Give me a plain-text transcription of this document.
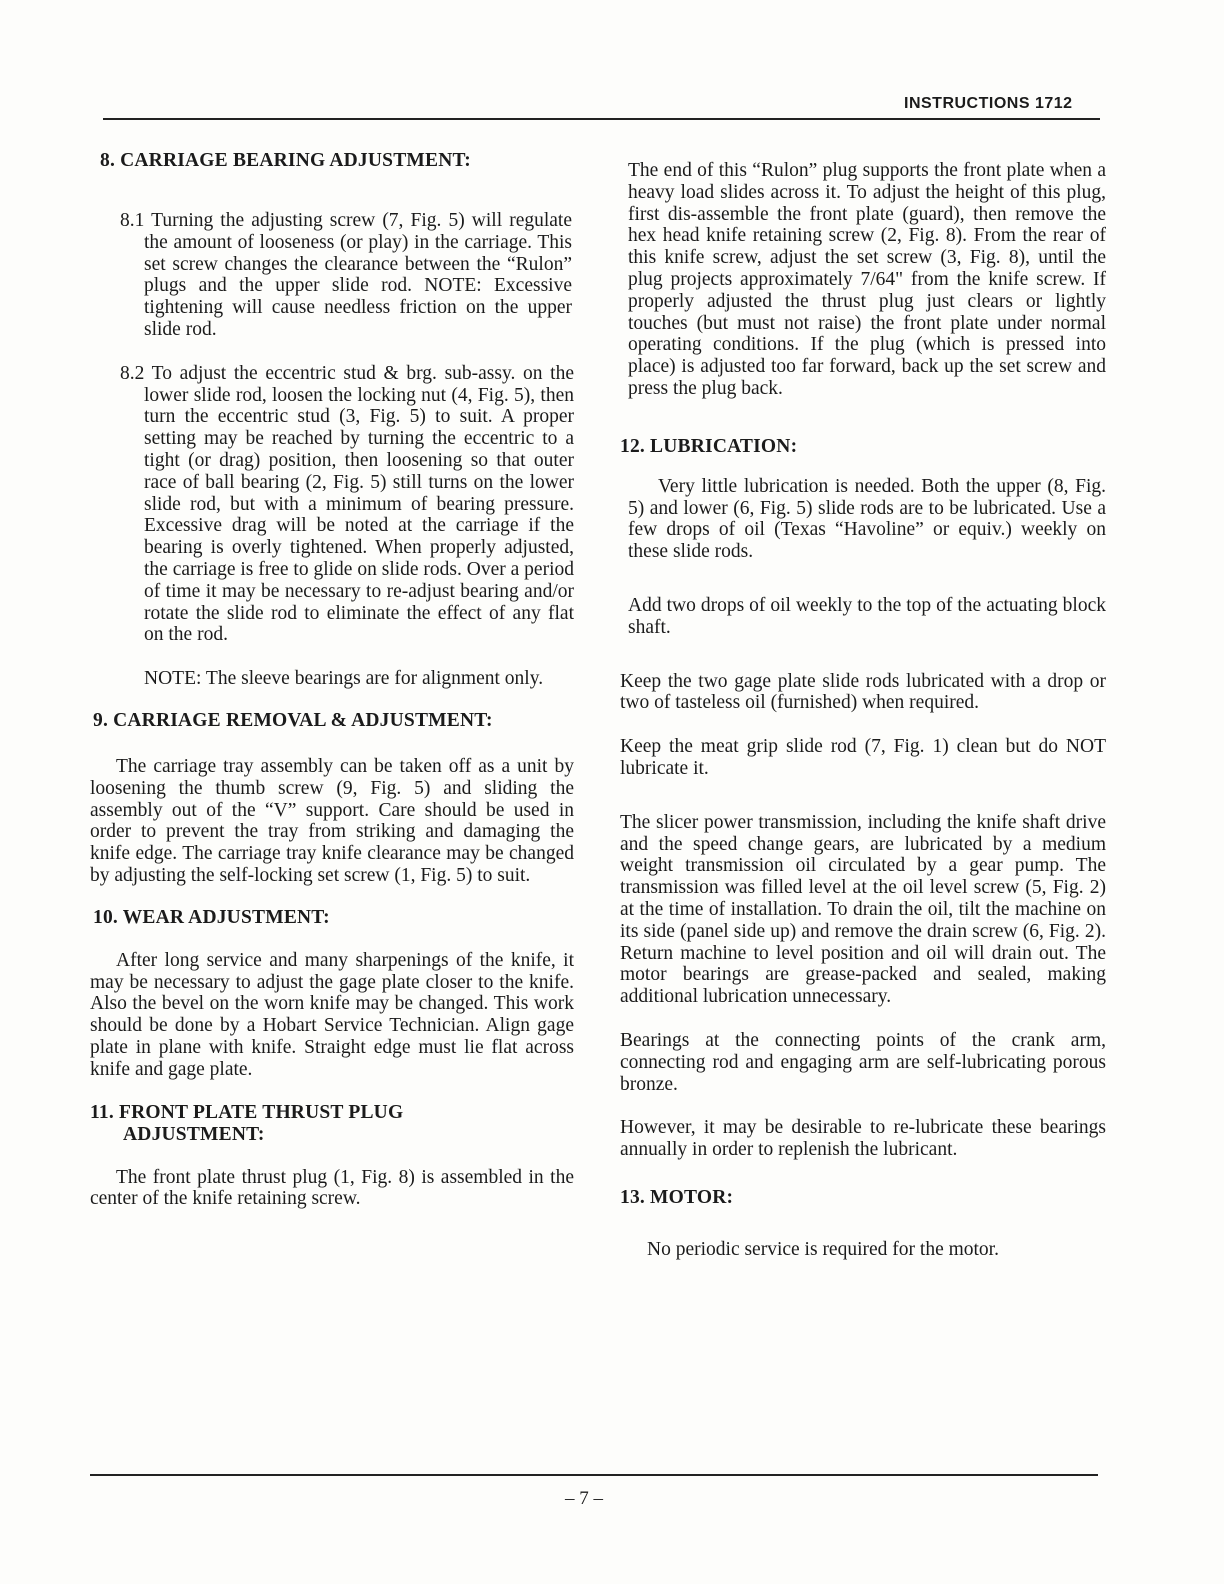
INSTRUCTIONS 1712
8. CARRIAGE BEARING ADJUSTMENT:

8.1 Turning the adjusting screw (7, Fig. 5) will regulate the amount of looseness (or play) in the carriage. This set screw changes the clearance between the “Rulon” plugs and the upper slide rod. NOTE: Excessive tightening will cause needless friction on the upper slide rod.

8.2 To adjust the eccentric stud & brg. sub-assy. on the lower slide rod, loosen the locking nut (4, Fig. 5), then turn the eccentric stud (3, Fig. 5) to suit. A proper setting may be reached by turning the eccentric to a tight (or drag) position, then loosening so that outer race of ball bearing (2, Fig. 5) still turns on the lower slide rod, but with a minimum of bearing pressure. Excessive drag will be noted at the carriage if the bearing is overly tightened. When properly adjusted, the carriage is free to glide on slide rods. Over a period of time it may be necessary to re-adjust bearing and/or rotate the slide rod to eliminate the effect of any flat on the rod.

NOTE: The sleeve bearings are for alignment only.

9. CARRIAGE REMOVAL & ADJUSTMENT:

The carriage tray assembly can be taken off as a unit by loosening the thumb screw (9, Fig. 5) and sliding the assembly out of the “V” support. Care should be used in order to prevent the tray from striking and damaging the knife edge. The carriage tray knife clearance may be changed by adjusting the self-locking set screw (1, Fig. 5) to suit.

10. WEAR ADJUSTMENT:

After long service and many sharpenings of the knife, it may be necessary to adjust the gage plate closer to the knife. Also the bevel on the worn knife may be changed. This work should be done by a Hobart Service Technician. Align gage plate in plane with knife. Straight edge must lie flat across knife and gage plate.

11. FRONT PLATE THRUST PLUG
ADJUSTMENT:

The front plate thrust plug (1, Fig. 8) is assembled in the center of the knife retaining screw.

The end of this “Rulon” plug supports the front plate when a heavy load slides across it. To adjust the height of this plug, first dis-assemble the front plate (guard), then remove the hex head knife retaining screw (2, Fig. 8). From the rear of this knife screw, adjust the set screw (3, Fig. 8), until the plug projects approximately 7/64" from the knife screw. If properly adjusted the thrust plug just clears or lightly touches (but must not raise) the front plate under normal operating conditions. If the plug (which is pressed into place) is adjusted too far forward, back up the set screw and press the plug back.

12. LUBRICATION:

Very little lubrication is needed. Both the upper (8, Fig. 5) and lower (6, Fig. 5) slide rods are to be lubricated. Use a few drops of oil (Texas “Havoline” or equiv.) weekly on these slide rods.

Add two drops of oil weekly to the top of the actuating block shaft.

Keep the two gage plate slide rods lubricated with a drop or two of tasteless oil (furnished) when required.

Keep the meat grip slide rod (7, Fig. 1) clean but do NOT lubricate it.

The slicer power transmission, including the knife shaft drive and the speed change gears, are lubricated by a medium weight transmission oil circulated by a gear pump. The transmission was filled level at the oil level screw (5, Fig. 2) at the time of installation. To drain the oil, tilt the machine on its side (panel side up) and remove the drain screw (6, Fig. 2). Return machine to level position and oil will drain out. The motor bearings are grease-packed and sealed, making additional lubrication unnecessary.

Bearings at the connecting points of the crank arm, connecting rod and engaging arm are self-lubricating porous bronze.

However, it may be desirable to re-lubricate these bearings annually in order to replenish the lubricant.

13. MOTOR:

No periodic service is required for the motor.

– 7 –
